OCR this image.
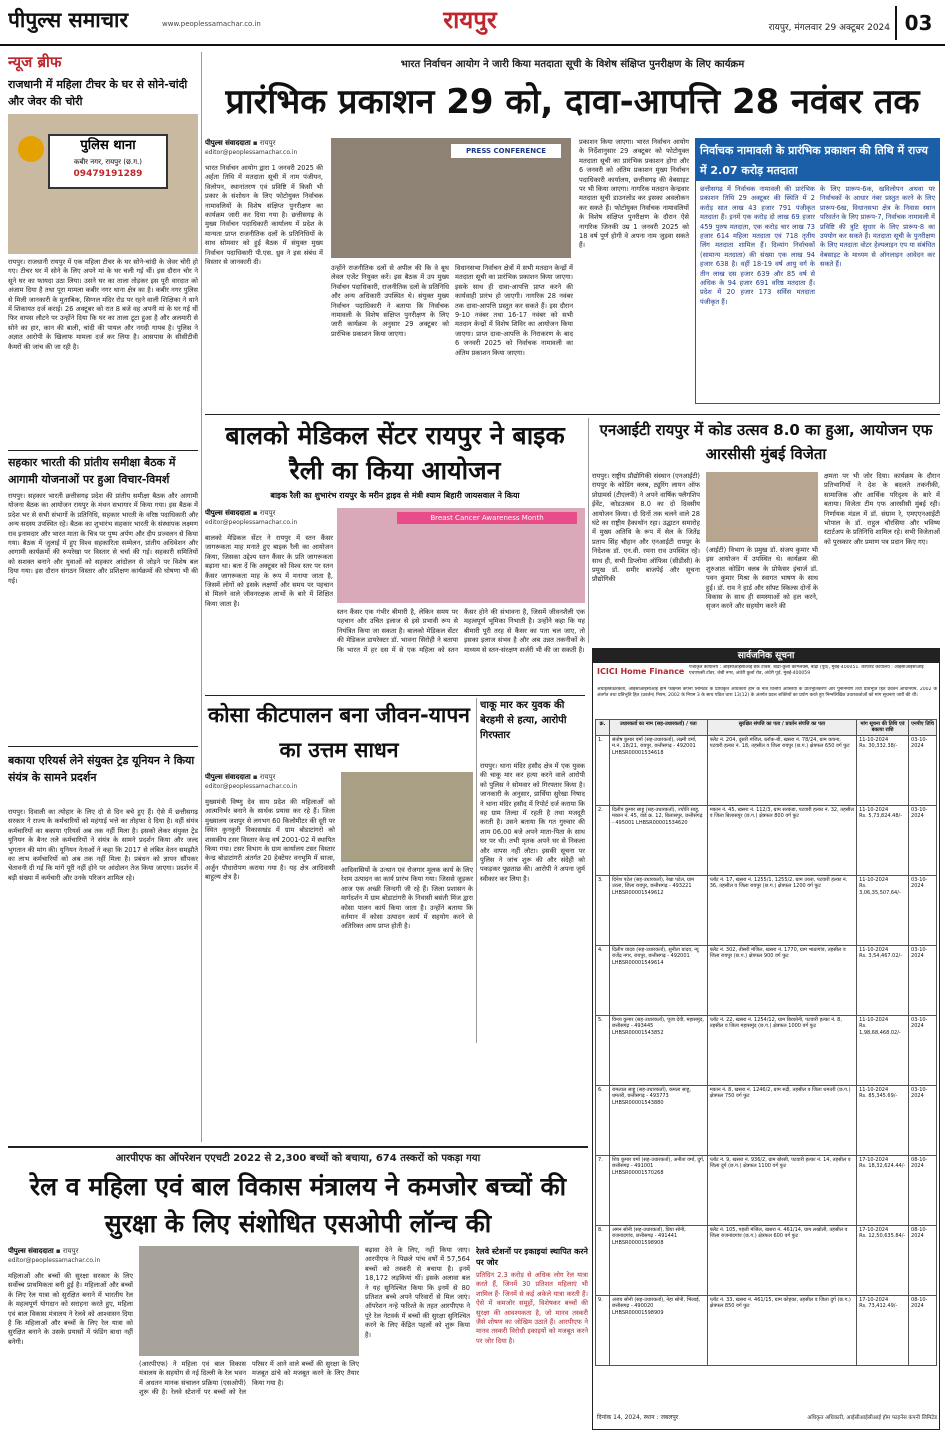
पीपुल्स समाचार	www.peoplessamachar.co.in	रायपुर	रायपुर, मंगलवार 29 अक्टूबर 2024 03
न्यूज ब्रीफ
राजधानी में महिला टीचर के घर से सोने-चांदी और जेवर की चोरी
पुलिस थाना
कबीर नगर, रायपुर (छ.ग.)
09479191289
रायपुर। राजधानी रायपुर में एक महिला टीचर के घर सोने-चांदी के जेवर चोरी हो गए। टीचर घर में सोने के लिए अपने मां के घर चली गई थीं। इस दौरान चोर ने सूने घर का फायदा उठा लिया। उसने घर का ताला तोड़कर इस पूरी वारदात को अंजाम दिया है तथा पूरा मामला कबीर नगर थाना क्षेत्र का है। कबीर नगर पुलिस से मिली जानकारी के मुताबिक, सिग्नल मंदिर रोड पर रहने वाली शिक्षिका ने थाने में शिकायत दर्ज कराई। 26 अक्टूबर को रात 8 बजे वह अपनी मां के घर गई थीं फिर वापस लौटने पर उन्होंने दिया कि घर का ताला टूटा हुआ है और अलमारी से सोने का हार, कान की बाली, चांदी की पायल और नगदी गायब है। पुलिस ने अज्ञात आरोपी के खिलाफ मामला दर्ज कर लिया है। आसपास के सीसीटीवी कैमरों की जांच की जा रही है।
सहकार भारती की प्रांतीय समीक्षा बैठक में आगामी योजनाओं पर हुआ विचार-विमर्श
रायपुर। सहकार भारती छत्तीसगढ़ प्रदेश की प्रांतीय समीक्षा बैठक और आगामी योजना बैठक का आयोजन रायपुर के मंथन सभागार में किया गया। इस बैठक में प्रदेश भर से सभी संभागों के प्रतिनिधि, सहकार भारती के वरिष्ठ पदाधिकारी और अन्य सदस्य उपस्थित रहे। बैठक का शुभारंभ सहकार भारती के संस्थापक लक्ष्मण राव इनामदार और भारत माता के चित्र पर पुष्प अर्पण और दीप प्रज्वलन से किया गया। बैठक में जुलाई में हुए विश्व सहकारिता सम्मेलन, प्रांतीय अधिवेशन और आगामी कार्यक्रमों की रूपरेखा पर विस्तार से चर्चा की गई। सहकारी समितियों को सशक्त बनाने और युवाओं को सहकार आंदोलन से जोड़ने पर विशेष बल दिया गया। इस दौरान संगठन विस्तार और प्रशिक्षण कार्यक्रमों की घोषणा भी की गई।
बकाया एरियर्स लेने संयुक्त ट्रेड यूनियन ने किया संयंत्र के सामने प्रदर्शन
रायपुर। दिवाली का त्योहार के लिए दो से दिन बचे हुए हैं। ऐसे में छत्तीसगढ़ सरकार ने राज्य के कर्मचारियों को महंगाई भत्ते का तोहफा दे दिया है। वहीं संयंत्र कर्मचारियों का बकाया एरियर्स अब तक नहीं मिला है। इसको लेकर संयुक्त ट्रेड यूनियन के बैनर तले कर्मचारियों ने संयंत्र के सामने प्रदर्शन किया और जल्द भुगतान की मांग की। यूनियन नेताओं ने कहा कि 2017 से लंबित वेतन समझौते का लाभ कर्मचारियों को अब तक नहीं मिला है। प्रबंधन को ज्ञापन सौंपकर चेतावनी दी गई कि मांगें पूरी नहीं होने पर आंदोलन तेज किया जाएगा। प्रदर्शन में बड़ी संख्या में कर्मचारी और उनके परिजन शामिल रहे।
भारत निर्वाचन आयोग ने जारी किया मतदाता सूची के विशेष संक्षिप्त पुनरीक्षण के लिए कार्यक्रम
प्रारंभिक प्रकाशन 29 को, दावा-आपत्ति 28 नवंबर तक
पीपुल्स संवाददाता ▪ रायपुर
editor@peoplessamachar.co.in
भारत निर्वाचन आयोग द्वारा 1 जनवरी 2025 की अर्हता तिथि में मतदाता सूची में नाम पंजीयन, विलोपन, स्थानांतरण एवं प्रविष्टि में किसी भी प्रकार के संशोधन के लिए फोटोयुक्त निर्वाचक नामावलियों के विशेष संक्षिप्त पुनरीक्षण का कार्यक्रम जारी कर दिया गया है। छत्तीसगढ़ के मुख्य निर्वाचन पदाधिकारी कार्यालय में प्रदेश के मान्यता प्राप्त राजनीतिक दलों के प्रतिनिधियों के साथ सोमवार को हुई बैठक में संयुक्त मुख्य निर्वाचन पदाधिकारी पी.एस. ध्रुव ने इस संबंध में विस्तार से जानकारी दी।
PRESS CONFERENCE
उन्होंने राजनीतिक दलों से अपील की कि वे बूथ लेवल एजेंट नियुक्त करें। इस बैठक में उप मुख्य निर्वाचन पदाधिकारी, राजनीतिक दलों के प्रतिनिधि और अन्य अधिकारी उपस्थित थे। संयुक्त मुख्य निर्वाचन पदाधिकारी ने बताया कि निर्वाचक नामावली के विशेष संक्षिप्त पुनरीक्षण के लिए जारी कार्यक्रम के अनुसार 29 अक्टूबर को प्रारंभिक प्रकाशन किया जाएगा।
विधानसभा निर्वाचन क्षेत्रों में सभी मतदान केन्द्रों में मतदाता सूची का प्रारंभिक प्रकाशन किया जाएगा। इसके साथ ही दावा-आपत्ति प्राप्त करने की कार्यवाही प्रारंभ हो जाएगी। नागरिक 28 नवंबर तक दावा-आपत्ति प्रस्तुत कर सकते हैं। इस दौरान 9-10 नवंबर तथा 16-17 नवंबर को सभी मतदान केन्द्रों में विशेष शिविर का आयोजन किया जाएगा। प्राप्त दावा-आपत्ति के निराकरण के बाद 6 जनवरी 2025 को निर्वाचक नामावली का अंतिम प्रकाशन किया जाएगा।
प्रकाशन किया जाएगा। भारत निर्वाचन आयोग के निर्देशानुसार 29 अक्टूबर को फोटोयुक्त मतदाता सूची का प्रारंभिक प्रकाशन होगा और 6 जनवरी को अंतिम प्रकाशन मुख्य निर्वाचन पदाधिकारी कार्यालय, छत्तीसगढ़ की वेबसाइट पर भी किया जाएगा। नागरिक मतदान केन्द्रवार मतदाता सूची डाउनलोड कर इसका अवलोकन कर सकते हैं। फोटोयुक्त निर्वाचक नामावलियों के विशेष संक्षिप्त पुनरीक्षण के दौरान ऐसे नागरिक जिनकी उम्र 1 जनवरी 2025 को 18 वर्ष पूर्ण होगी वे अपना नाम जुड़वा सकते हैं।
निर्वाचक नामावली के प्रारंभिक प्रकाशन की तिथि में राज्य में 2.07 करोड़ मतदाता
छत्तीसगढ़ में निर्वाचक नामावली की प्रारंभिक प्रकाशन तिथि 29 अक्टूबर की स्थिति में 2 करोड़ सात लाख 43 हजार 791 पंजीकृत मतदाता हैं। इनमें एक करोड़ दो लाख 69 हजार 459 पुरुष मतदाता, एक करोड़ चार लाख 73 हजार 614 महिला मतदाता एवं 718 तृतीय लिंग मतदाता शामिल हैं। दिव्यांग निर्वाचकों (सामान्य मतदाता) की संख्या एक लाख 94 हजार 638 है। वहीं 18-19 वर्ष आयु वर्ग के तीन लाख दस हजार 639 और 85 वर्ष से अधिक के 94 हजार 691 वरिष्ठ मतदाता हैं। प्रदेश में 20 हजार 173 सर्विस मतदाता पंजीकृत हैं।
के लिए प्रारूप-6क, खविलोपन अथवा पर निर्वाचकों के आधार नंबर प्रस्तुत करने के लिए प्रारूप-6ख, विधानसभा क्षेत्र के निवास स्थान परिवर्तन के लिए प्रारूप-7, निर्वाचक नामावली में प्रविष्टि की त्रुटि सुधार के लिए प्रारूप-8 का उपयोग कर सकते हैं। मतदाता सूची के पुनरीक्षण के लिए मतदाता वोटर हेल्पलाइन एप या संबंधित वेबसाइट के माध्यम से ऑनलाइन आवेदन कर सकते हैं।
बालको मेडिकल सेंटर रायपुर ने बाइक रैली का किया आयोजन
बाइक रैली का शुभारंभ रायपुर के मरीन ड्राइव से मंत्री श्याम बिहारी जायसवाल ने किया
पीपुल्स संवाददाता ▪ रायपुर
editor@peoplessamachar.co.in
Breast Cancer Awareness Month
बालको मेडिकल सेंटर ने रायपुर में स्तन कैंसर जागरूकता माह मनाते हुए बाइक रैली का आयोजन किया, जिसका उद्देश्य स्तन कैंसर के प्रति जागरूकता बढ़ाना था। बता दें कि अक्टूबर को विश्व स्तर पर स्तन कैंसर जागरूकता माह के रूप में मनाया जाता है, जिसमें लोगों को इसके लक्षणों और समय पर पहचान से मिलने वाले जीवनरक्षक लाभों के बारे में शिक्षित किया जाता है।
स्तन कैंसर एक गंभीर बीमारी है, लेकिन समय पर पहचान और उचित इलाज से इसे प्रभावी रूप से नियंत्रित किया जा सकता है। बालको मेडिकल सेंटर की मेडिकल डायरेक्टर डॉ. भावना सिरोही ने बताया कि भारत में हर दस में से एक महिला को स्तन कैंसर होने की संभावना है, जिसमें जीवनशैली एक महत्वपूर्ण भूमिका निभाती है। उन्होंने कहा कि यह बीमारी पूरी तरह से कैंसर का पता चल जाए, तो इसका इलाज संभव है और अब उन्नत तकनीकों के माध्यम से स्तन-संरक्षण सर्जरी भी की जा सकती है।
एनआईटी रायपुर में कोड उत्सव 8.0 का हुआ, आयोजन एफ आरसीसी मुंबई विजेता
रायपुर। राष्ट्रीय प्रौद्योगिकी संस्थान (एनआईटी) रायपुर के कोडिंग क्लब, ट्यूरिंग लायन ऑफ प्रोग्रामर्स (टीएलपी) ने अपने वार्षिक फ्लैगशिप ईवेंट, कोडउत्सव 8.0 का दो दिवसीय आयोजन किया। दो दिनों तक चलने वाले 28 घंटे का राष्ट्रीय हैकाथॉन रहा। उद्घाटन समारोह में मुख्य अतिथि के रूप में सेल के जितेंद्र प्रताप सिंह चौहान और एनआईटी रायपुर के निदेशक डॉ. एन.वी. रमना राव उपस्थित रहे। साथ ही, सभी डिप्लोमा ऑफिस (सीडीसी) के प्रमुख डॉ. समीर बाजपेई और सूचना प्रौद्योगिकी
(आईटी) विभाग के प्रमुख डॉ. संजय कुमार भी इस आयोजन में उपस्थित थे। कार्यक्रम की शुरुआत कोडिंग क्लब के प्रोफेसर इंचार्ज डॉ. पवन कुमार मिश्रा के स्वागत भाषण के साथ हुई। डॉ. राव ने हार्ड और सॉफ्ट स्किल्स दोनों के विकास के साथ ही समस्याओं को हल करने, सृजन करने और सहयोग करने की
क्षमता पर भी जोर दिया। कार्यक्रम के दौरान प्रतिभागियों ने देश के बदलते तकनीकी, सामाजिक और आर्थिक परिदृश्य के बारे में बताया। विजेता टीम एफ आरसीसी मुंबई रही। निर्णायक मंडल में डॉ. संग्राम रे, एमएएनआईटी भोपाल के डॉ. राहुल चौरसिया और भविष्य स्टार्टअप के प्रतिनिधि शामिल रहे। सभी विजेताओं को पुरस्कार और प्रमाण पत्र प्रदान किए गए।
कोसा कीटपालन बना जीवन-यापन का उत्तम साधन
पीपुल्स संवाददाता ▪ रायपुर
editor@peoplessamachar.co.in
मुख्यमंत्री विष्णु देव साय प्रदेश की महिलाओं को आत्मनिर्भर बनाने के सार्थक प्रयास कर रहे हैं। जिला मुख्यालय जशपुर से लगभग 60 किलोमीटर की दूरी पर स्थित कुनकुरी विकासखंड में ग्राम बोडाटांगरो को शासकीय टसर विस्तार केन्द्र वर्ष 2001-02 में स्थापित किया गया। टसर विभाग के ग्राम कार्यालय टसर विस्तार केन्द्र बोडाटांगरी अंतर्गत 20 हेक्टेयर वनभूमि में साजा, अर्जुन पौधारोपण कराया गया है। यह क्षेत्र आदिवासी बाहुल्य क्षेत्र है।
आदिवासियों के उत्थान एवं रोजगार मूलक कार्य के लिए रेशम उत्पादन का कार्य प्रारंभ किया गया। जिससे जुड़कर आज एक अच्छी जिन्दगी जी रहे हैं। जिला प्रशासन के मार्गदर्शन में ग्राम बोडाटांगरी के निवासी बसंती मिंज द्वारा कोसा पालन कार्य किया जाता है। उन्होंने बताया कि वर्तमान में कोसा उत्पादन कार्य में सहयोग करने से अतिरिक्त आय प्राप्त होती है।
चाकू मार कर युवक की बेरहमी से हत्या, आरोपी गिरफ्तार
रायपुर। थाना मंदिर हसौद क्षेत्र में एक युवक की चाकू मार कर हत्या करने वाले आरोपी को पुलिस ने सोमवार को गिरफ्तार किया है। जानकारी के अनुसार, प्रार्थिया सुरेखा निषाद ने थाना मंदिर हसौद में रिपोर्ट दर्ज कराया कि वह ग्राम तिल्दा में रहती है तथा मजदूरी करती है। उसने बताया कि गत गुरुवार की शाम 06.00 बजे अपने माता-पिता के साथ घर पर थी। तभी मृतक अपने घर से निकला और वापस नहीं लौटा। इसकी सूचना पर पुलिस ने जांच शुरू की और संदेही को पकड़कर पूछताछ की। आरोपी ने अपना जुर्म स्वीकार कर लिया है।
सार्वजनिक सूचना
ICICI Home Finance	पंजीकृत कार्यालय : आईसीआईसीआई बैंक टॉवर्स, बांद्रा-कुर्ला कॉम्प्लेक्स, बांद्रा (पूर्व), मुंबई-400051. कार्पोरेट कार्यालय : आईसीआईसीआई एचएफसी टॉवर, जेबी नगर, अंधेरी कुर्ला रोड, अंधेरी पूर्व, मुंबई-400059
अधोहस्ताक्षरकर्ता, आईसीआईसीआई होम फाइनेंस कंपनी लिमिटेड के प्राधिकृत अधिकारी होने के नाते वित्तीय आस्तियों के प्रतिभूतिकरण और पुनर्निर्माण तथा प्रतिभूति हित प्रवर्तन अधिनियम, 2002 के अंतर्गत तथा प्रतिभूति हित (प्रवर्तन) नियम, 2002 के नियम 3 के साथ पठित धारा 13(12) के अंतर्गत प्रदत्त शक्तियों का प्रयोग करते हुए निम्नलिखित उधारकर्ताओं को मांग सूचनाएं जारी की थीं।
क्र.	उधारकर्ता का नाम (सह-उधारकर्ता) / पता	सुरक्षित संपत्ति का पता / प्रवर्तन संपत्ति का पता	मांग सूचना की तिथि एवं बकाया राशि	एनपीए तिथि
1.	संतोष कुमार वर्मा (सह-उधारकर्ता), लक्ष्मी वर्मा, म.नं. 18/21, रायपुर, छत्तीसगढ़ - 492001 LHBSR00001534618	फ्लैट नं. 204, दूसरी मंजिल, ब्लॉक-बी, खसरा नं. 78/24, ग्राम कचना, पटवारी हल्का नं. 18, तहसील व जिला रायपुर (छ.ग.) क्षेत्रफल 650 वर्ग फुट	11-10-2024
Rs. 30,332.38/-	03-10-2024
2.	दिलीप कुमार साहू (सह-उधारकर्ता), ज्योति साहू, मकान नं. 45, वार्ड क्र. 12, बिलासपुर, छत्तीसगढ़ - 495001 LHBSR00001534620	मकान नं. 45, खसरा नं. 112/3, ग्राम सरकंडा, पटवारी हल्का नं. 32, तहसील व जिला बिलासपुर (छ.ग.) क्षेत्रफल 800 वर्ग फुट	11-10-2024
Rs. 5,73,824.48/-	03-10-2024
3.	दिनेश पटेल (सह-उधारकर्ता), रेखा पटेल, ग्राम उरला, जिला रायपुर, छत्तीसगढ़ - 493221 LHBSR00001549612	प्लॉट नं. 17, खसरा नं. 1255/1, 1255/2, ग्राम उरला, पटवारी हल्का नं. 36, तहसील व जिला रायपुर (छ.ग.) क्षेत्रफल 1200 वर्ग फुट	11-10-2024
Rs. 3,06,35,507.64/-	03-10-2024
4.	दिलीप यादव (सह-उधारकर्ता), सुनीता यादव, न्यू राजेंद्र नगर, रायपुर, छत्तीसगढ़ - 492001 LHBSR00001549614	फ्लैट नं. 302, तीसरी मंजिल, खसरा नं. 1770, ग्राम भाठागांव, तहसील व जिला रायपुर (छ.ग.) क्षेत्रफल 900 वर्ग फुट	11-10-2024
Rs. 3,54,467.02/-	03-10-2024
5.	विनय कुमार (सह-उधारकर्ता), पूजा देवी, महासमुंद, छत्तीसगढ़ - 493445 LHBSR00001543852	प्लॉट नं. 22, खसरा नं. 1254/12, ग्राम बिरकोनी, पटवारी हल्का नं. 8, तहसील व जिला महासमुंद (छ.ग.) क्षेत्रफल 1000 वर्ग फुट	11-10-2024
Rs. 1,98,68,468.02/-	03-10-2024
6.	रामलाल साहू (सह-उधारकर्ता), कमला साहू, धमतरी, छत्तीसगढ़ - 493773 LHBSR00001543880	मकान नं. 8, खसरा नं. 1246/2, ग्राम रुद्री, तहसील व जिला धमतरी (छ.ग.) क्षेत्रफल 750 वर्ग फुट	11-10-2024
Rs. 85,345.69/-	03-10-2024
7.	शिव कुमार वर्मा (सह-उधारकर्ता), अनीता वर्मा, दुर्ग, छत्तीसगढ़ - 491001 LHBSR00001570268	प्लॉट नं. 9, खसरा नं. 936/2, ग्राम बोरसी, पटवारी हल्का नं. 14, तहसील व जिला दुर्ग (छ.ग.) क्षेत्रफल 1100 वर्ग फुट	17-10-2024
Rs. 18,32,624.44/-	08-10-2024
8.	अमन सोनी (सह-उधारकर्ता), प्रिया सोनी, राजनांदगांव, छत्तीसगढ़ - 491441 LHBSR00001598908	फ्लैट नं. 105, पहली मंजिल, खसरा नं. 461/14, ग्राम लखोली, तहसील व जिला राजनांदगांव (छ.ग.) क्षेत्रफल 600 वर्ग फुट	17-10-2024
Rs. 12,50,635.84/-	08-10-2024
9.	अजय सोनी (सह-उधारकर्ता), नेहा सोनी, भिलाई, छत्तीसगढ़ - 490020 LHBSR00001598909	प्लॉट नं. 33, खसरा नं. 461/15, ग्राम कोहका, तहसील व जिला दुर्ग (छ.ग.) क्षेत्रफल 850 वर्ग फुट	17-10-2024
Rs. 73,412.49/-	08-10-2024
दिनांक 14, 2024, स्थान : जबलपुर	अधिकृत अधिकारी, आईसीआईसीआई होम फाइनेंस कंपनी लिमिटेड
आरपीएफ का ऑपरेशन एएचटी 2022 से 2,300 बच्चों को बचाया, 674 तस्करों को पकड़ा गया
रेल व महिला एवं बाल विकास मंत्रालय ने कमजोर बच्चों की सुरक्षा के लिए संशोधित एसओपी लॉन्च की
पीपुल्स संवाददाता ▪ रायपुर
editor@peoplessamachar.co.in
महिलाओं और बच्चों की सुरक्षा सरकार के लिए सर्वोच्च प्राथमिकता बनी हुई है। महिलाओं और बच्चों के लिए रेल यात्रा को सुरक्षित बनाने में भारतीय रेल के महत्वपूर्ण योगदान को सराहना करते हुए, महिला एवं बाल विकास मंत्रालय ने रेलवे को आश्वासन दिया है कि महिलाओं और बच्चों के लिए रेल यात्रा को सुरक्षित बनाने के उसके प्रयासों में फंडिंग बाधा नहीं बनेगी।
(आरपीएफ) ने महिला एवं बाल विकास मंत्रालय के सहयोग से नई दिल्ली के रेल भवन में अधतन मानक संचालन प्रक्रिया (एसओपी) शुरू की है। रेलवे स्टेशनों पर बच्चों को रेल परिसर में आने वाले बच्चों की सुरक्षा के लिए मजबूत ढांचे को मजबूत करने के लिए तैयार किया गया है।
बढ़ावा देने के लिए, नहीं किया जाए। आरपीएफ ने पिछले पांच वर्षों में 57,564 बच्चों को तस्करी से बचाया है। इनमें 18,172 लड़कियां थीं। इसके अलावा बल ने यह सुनिश्चित किया कि इनमें से 80 प्रतिशत बच्चे अपने परिवारों से मिल जाएं। ऑपरेशन नन्हे फरिश्ते के तहत आरपीएफ ने पूरे रेल नेटवर्क में बच्चों की सुरक्षा सुनिश्चित करने के लिए केंद्रित पहलों को शुरू किया है।
रेलवे स्टेशनों पर इकाइयां स्थापित करने पर जोर
प्रतिदिन 2.3 करोड़ से अधिक लोग रेल यात्रा करते हैं, जिनमें 30 प्रतिशत महिलाएं भी शामिल हैं- जिनमें से कई अकेले यात्रा करती हैं। ऐसे में कमजोर समूहों, विशेषकर बच्चों की सुरक्षा की आवश्यकता है, जो मानव तस्करी जैसे शोषण का जोखिम उठाते हैं। आरपीएफ ने मानव तस्करी विरोधी इकाइयों को मजबूत करने पर जोर दिया है।
